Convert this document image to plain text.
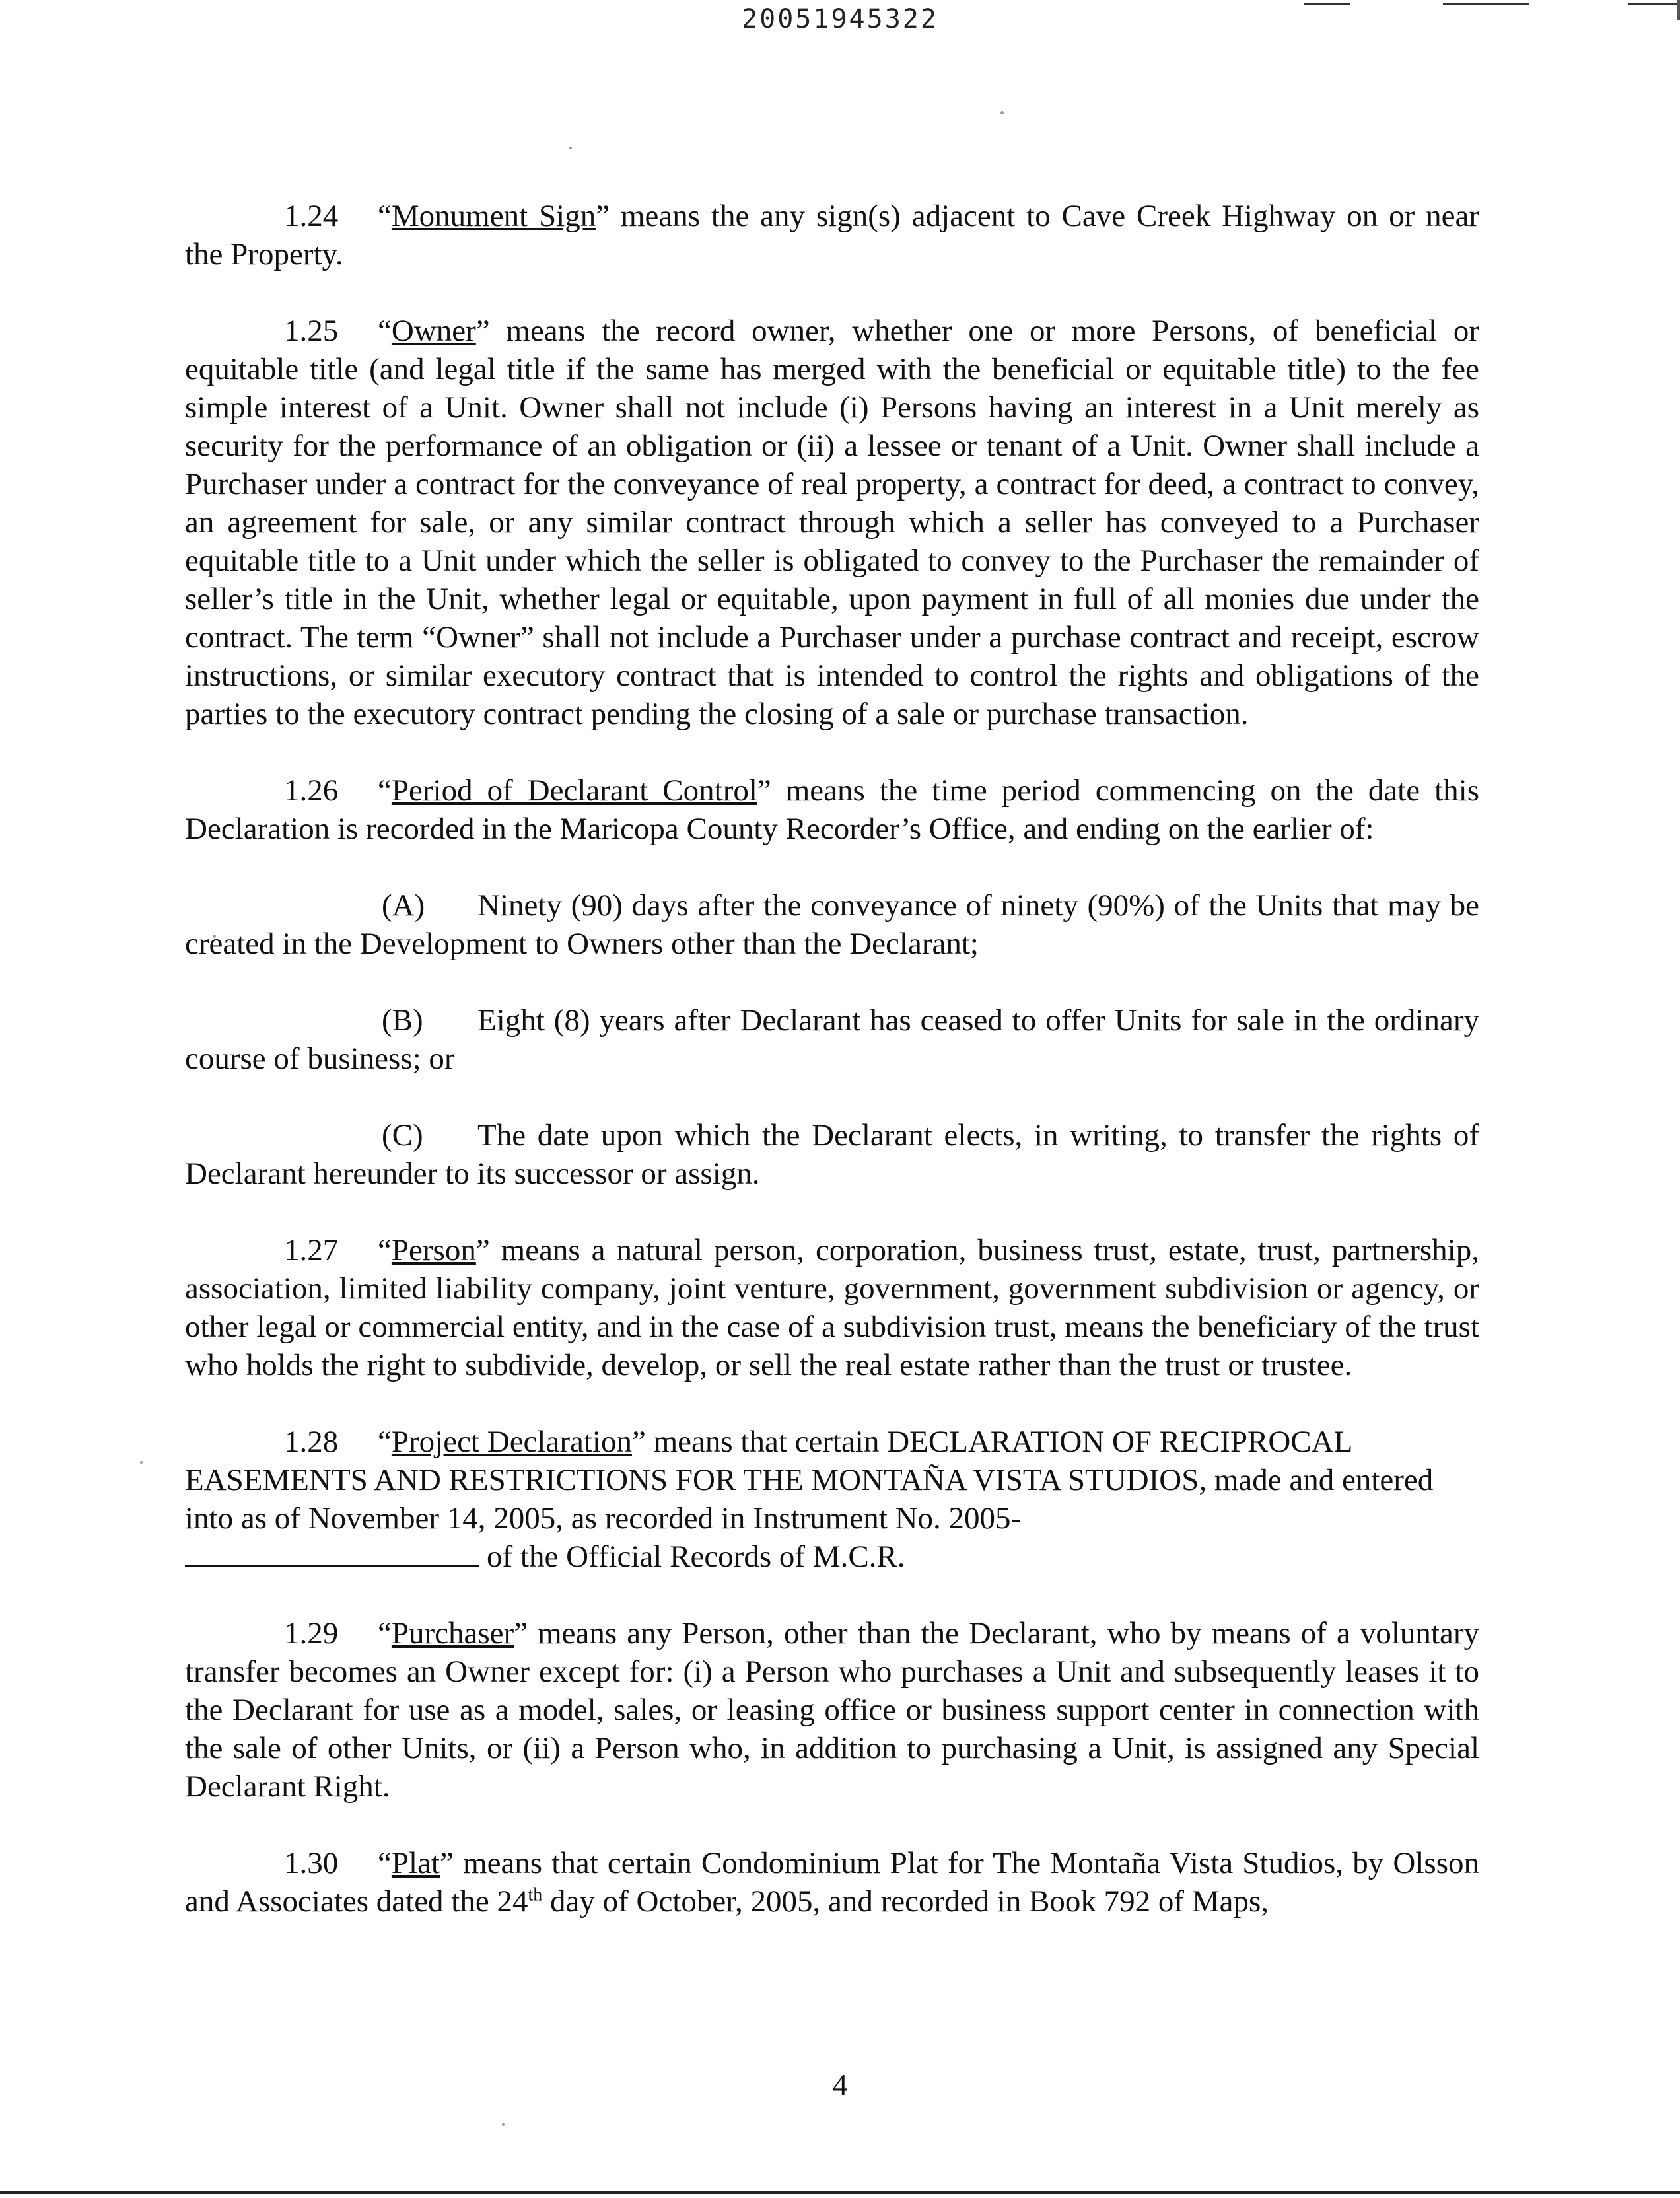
20051945322

1.24 “Monument Sign” means the any sign(s) adjacent to Cave Creek Highway on or near the Property.

1.25 “Owner” means the record owner, whether one or more Persons, of beneficial or equitable title (and legal title if the same has merged with the beneficial or equitable title) to the fee simple interest of a Unit. Owner shall not include (i) Persons having an interest in a Unit merely as security for the performance of an obligation or (ii) a lessee or tenant of a Unit. Owner shall include a Purchaser under a contract for the conveyance of real property, a contract for deed, a contract to convey, an agreement for sale, or any similar contract through which a seller has conveyed to a Purchaser equitable title to a Unit under which the seller is obligated to convey to the Purchaser the remainder of seller’s title in the Unit, whether legal or equitable, upon payment in full of all monies due under the contract. The term “Owner” shall not include a Purchaser under a purchase contract and receipt, escrow instructions, or similar executory contract that is intended to control the rights and obligations of the parties to the executory contract pending the closing of a sale or purchase transaction.

1.26 “Period of Declarant Control” means the time period commencing on the date this Declaration is recorded in the Maricopa County Recorder’s Office, and ending on the earlier of:

(A) Ninety (90) days after the conveyance of ninety (90%) of the Units that may be created in the Development to Owners other than the Declarant;

(B) Eight (8) years after Declarant has ceased to offer Units for sale in the ordinary course of business; or

(C) The date upon which the Declarant elects, in writing, to transfer the rights of Declarant hereunder to its successor or assign.

1.27 “Person” means a natural person, corporation, business trust, estate, trust, partnership, association, limited liability company, joint venture, government, government subdivision or agency, or other legal or commercial entity, and in the case of a subdivision trust, means the beneficiary of the trust who holds the right to subdivide, develop, or sell the real estate rather than the trust or trustee.

1.28 “Project Declaration” means that certain DECLARATION OF RECIPROCAL EASEMENTS AND RESTRICTIONS FOR THE MONTAÑA VISTA STUDIOS, made and entered into as of November 14, 2005, as recorded in Instrument No. 2005-
of the Official Records of M.C.R.

1.29 “Purchaser” means any Person, other than the Declarant, who by means of a voluntary transfer becomes an Owner except for: (i) a Person who purchases a Unit and subsequently leases it to the Declarant for use as a model, sales, or leasing office or business support center in connection with the sale of other Units, or (ii) a Person who, in addition to purchasing a Unit, is assigned any Special Declarant Right.

1.30 “Plat” means that certain Condominium Plat for The Montaña Vista Studios, by Olsson and Associates dated the 24th day of October, 2005, and recorded in Book 792 of Maps,

4
